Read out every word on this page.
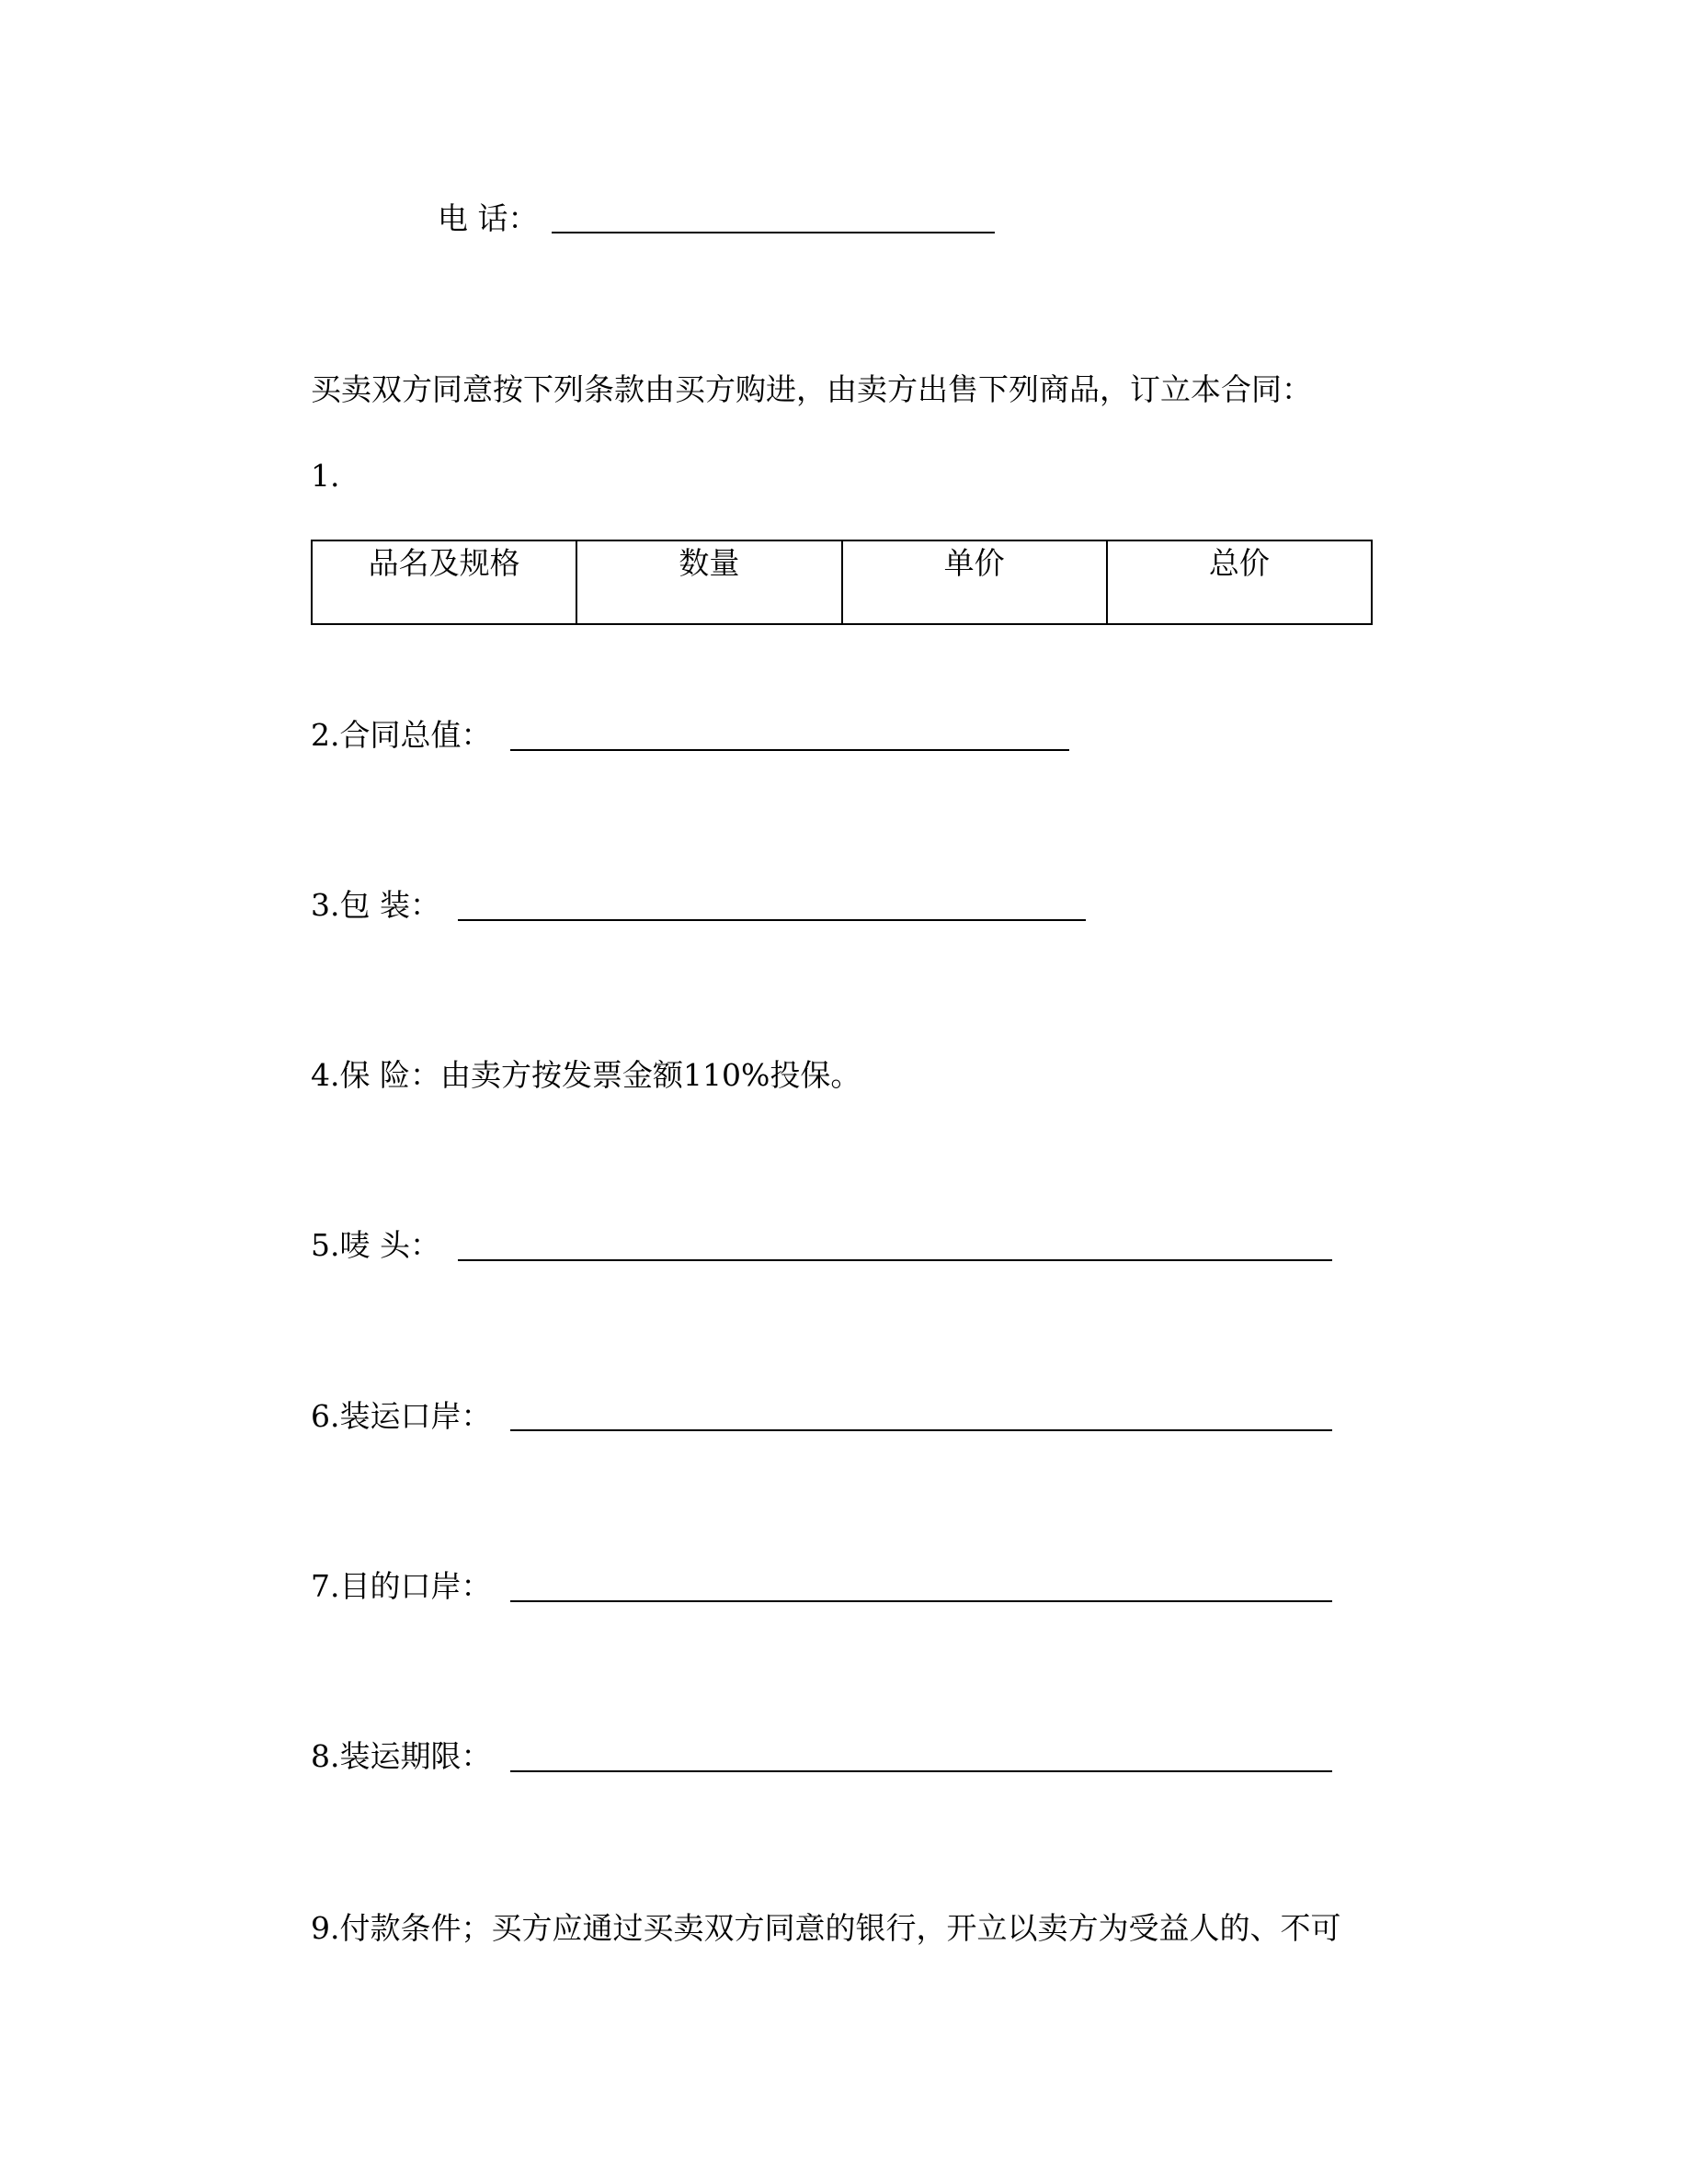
电 话：
买卖双方同意按下列条款由买方购进，由卖方出售下列商品，订立本合同：
1.
品名及规格	数量	单价	总价
2.合同总值：
3.包 装：
4.保 险：由卖方按发票金额110%投保。
5.唛 头：
6.装运口岸：
7.目的口岸：
8.装运期限：
9.付款条件；买方应通过买卖双方同意的银行，开立以卖方为受益人的、不可
